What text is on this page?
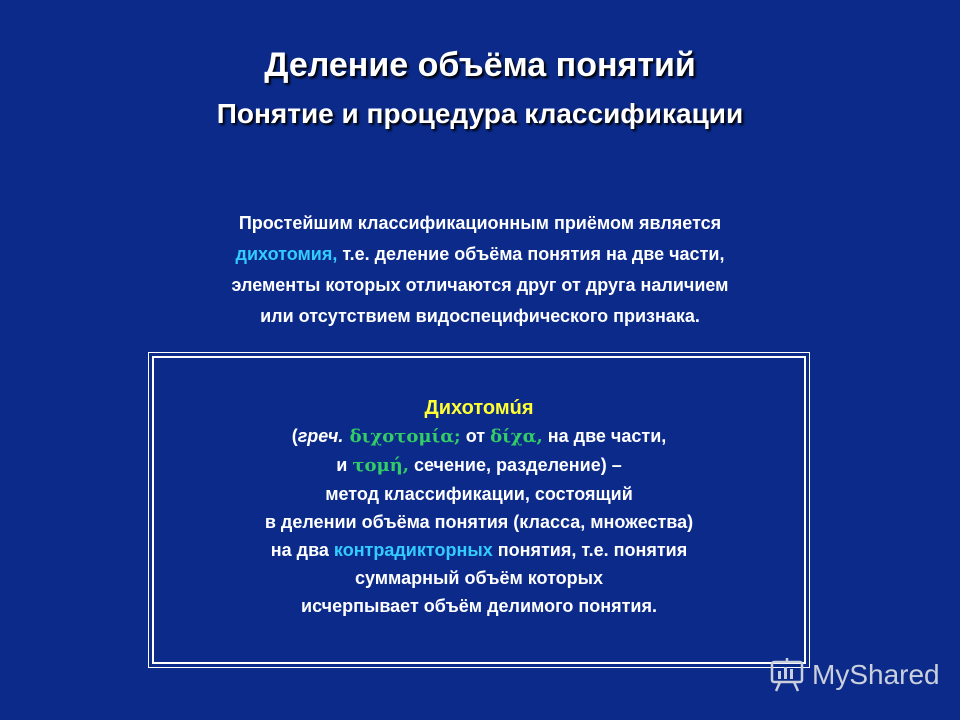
Деление объёма понятий
Понятие и процедура классификации
Простейшим классификационным приёмом является
дихотомия, т.е. деление объёма понятия на две части,
элементы которых отличаются друг от друга наличием
или отсутствием видоспецифического признака.
Дихотомúя
(греч. διχοτομία; от δίχα, на две части,
и τομή, сечение, разделение) –
метод классификации, состоящий
в делении объёма понятия (класса, множества)
на два контрадикторных понятия, т.е. понятия
суммарный объём которых
исчерпывает объём делимого понятия.
MyShared
